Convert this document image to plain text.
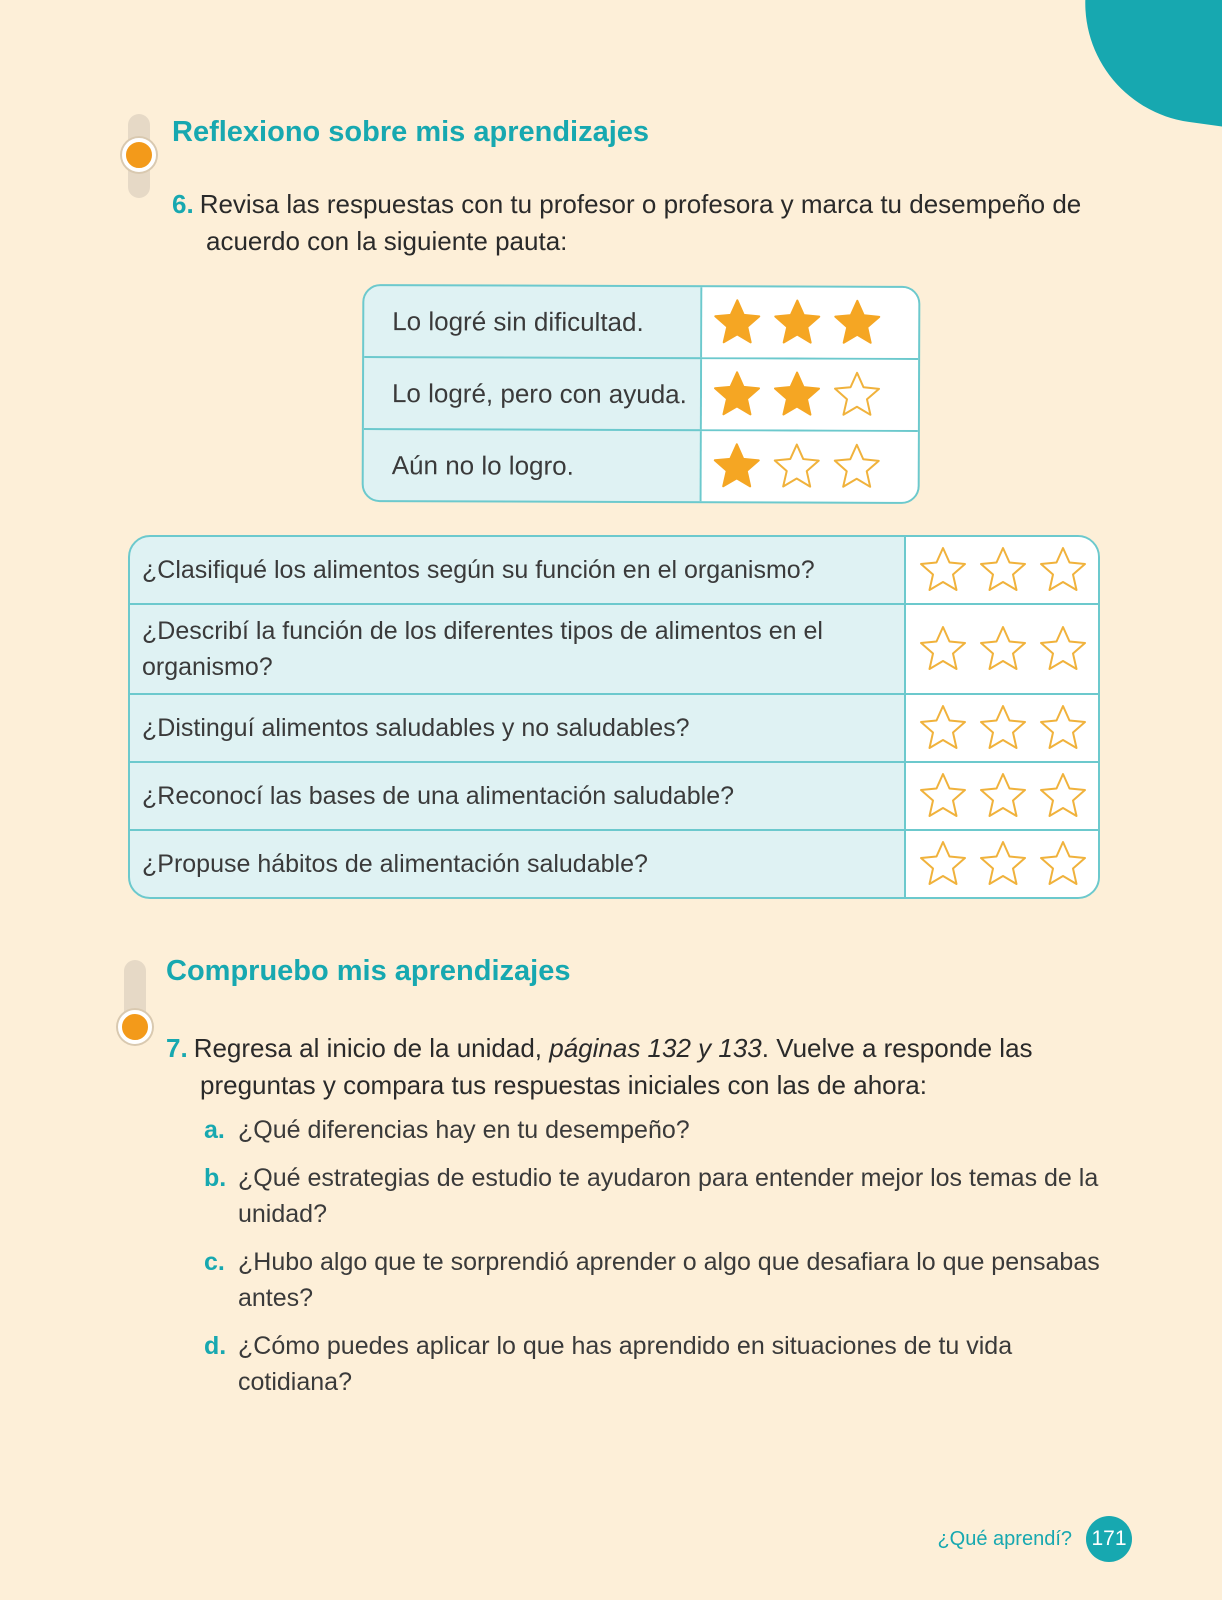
Reflexiono sobre mis aprendizajes
6. Revisa las respuestas con tu profesor o profesora y marca tu desempeño de acuerdo con la siguiente pauta:
Lo logré sin dificultad.
Lo logré, pero con ayuda.
Aún no lo logro.
¿Clasifiqué los alimentos según su función en el organismo?
¿Describí la función de los diferentes tipos de alimentos en el organismo?
¿Distinguí alimentos saludables y no saludables?
¿Reconocí las bases de una alimentación saludable?
¿Propuse hábitos de alimentación saludable?
Compruebo mis aprendizajes
7. Regresa al inicio de la unidad, páginas 132 y 133. Vuelve a responde las preguntas y compara tus respuestas iniciales con las de ahora:
a. ¿Qué diferencias hay en tu desempeño?
b. ¿Qué estrategias de estudio te ayudaron para entender mejor los temas de la unidad?
c. ¿Hubo algo que te sorprendió aprender o algo que desafiara lo que pensabas antes?
d. ¿Cómo puedes aplicar lo que has aprendido en situaciones de tu vida cotidiana?
¿Qué aprendí? 171
